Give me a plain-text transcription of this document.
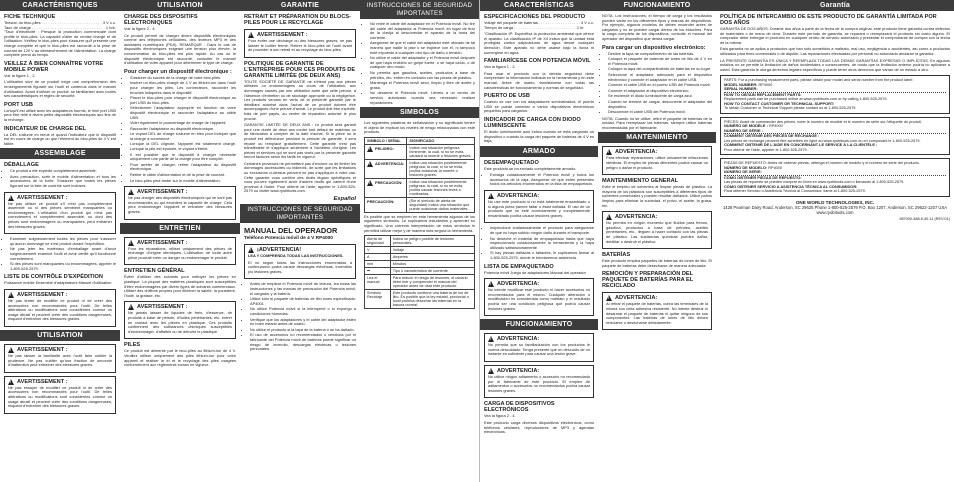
CARACTÉRISTIQUES
FICHE TECHNIQUE
Tension du bloc-piles . . . . . . . . . . . . . . . . . . . . . . . . . . . 3 V c.c. Taux de charge . . . . . . . . . . . . . . . . . . . . . . . . . . . . . . . . 1 hre. "Taux d'électricité : Presque la production commerciale dont profite le bloc-piles. La capacité d'aller de remise charge et de l'utilisation. Vérifiez le bloc-piles pour s'assurer qu'il présente une charge complète et que le bloc-piles est raccordé à la prise de courant de 120 V au débranchement de l'alimentation. La charge complète prend du temps.
VEILLEZ À BIEN CONNAÎTRE VOTRE MOBILE POWER
Voir la figure 1 - 2.
L'utilisation sûre de ce produit exige une compréhension des renseignements figurant sur l'outil et contenus dans le manuel d'utilisation. Avant d'utiliser ce produit, se familiariser avec toutes ses caractéristiques et règles de sécurité.
PORT USB
Lorsqu'il est utilisé avec les adaptateurs fournis, le mini port USB peut être relié à divers petits dispositifs électroniques aux fins de la recharge.
INDICATEUR DE CHARGE DEL
La DEL s'allume en bleue et quand l'indicateur que le dispositif est en cours de charge ou que l'élément du bloc-piles de 4 V est faible.
ASSEMBLAGE
DÉBALLAGE
• Ce produit a été expédié complètement assemblé.
• Avec précaution, sortir le mobile d'alimentation et tous les accessoires de la boîte. S'assurer que toutes les pièces figurant sur la liste de contrôle sont incluses.
!
AVERTISSEMENT :
Ne pas utiliser ce produit s'il n'est pas complètement assemblé ou si des pièces semblent manquantes ou endommagées. L'utilisation d'un produit qui n'est pas correctement et complètement assemblé, ou dont des pièces sont endommagées ou manquantes, peut entraîner des blessures graves.
• Examiner soigneusement toutes les pièces pour s'assurer qu'aucun dommage ne s'est produit durant l'expédition.
• Ne pas jeter les matériaux d'emballage avant d'avoir soigneusement examiné l'outil et avoir vérifié qu'il fonctionne correctement.
• Si des pièces sont manquantes ou endommagées, appeler le 1-800-525-2579.
LISTE DE CONTRÔLE D'EXPÉDITION
Puissance mobile Ensemble d'adaptateurs Manuel d'utilisation
!
AVERTISSEMENT :
Ne pas tenter de modifier ce produit ni de créer des accessoires non recommandés pour l'outil. De telles altérations ou modifications sont considérées comme un usage abusif et peuvent créer des conditions dangereuses, risquant d'entraîner des blessures graves.
UTILISATION
!
AVERTISSEMENT :
Ne pas laisser la familiarité avec l'outil faire oublier la prudence. Ne pas oublier qu'une fraction de seconde d'inattention peut entraîner des blessures graves.
!
AVERTISSEMENT :
Ne pas essayer de modifier ce produit ni de créer des accessoires non recommandés pour l'outil. De telles altérations ou modifications sont considérées comme un usage abusif et peuvent créer des conditions dangereuses, risquant d'entraîner des blessures graves.
UTILISATION
CHARGE DES DISPOSITIFS ÉLECTRONIQUES
Voir la figure 2 - 4.
Ce produit permet de charger divers dispositifs électroniques comme des téléphones cellulaires, des lecteurs MP3 et des assistants numériques (PDA). REMARQUE : Dans le cas de dispositifs électroniques exigeant une tension plus élevée, la consommation du bloc-piles est plus rapide. Au cas où le dispositif électronique est raccordé, consulter le manuel d'utilisation de votre appareil pour déterminer le type de charge.
Pour charger un dispositif électronique :
• S'assurer du succès de la charge de votre bloc-piles.
• Insérer un bloc-piles chargé de 4 V au lithium-ion dans l'outil pour charger les piles. Les connecteurs, raccorder les broches indiquées dans le dispositif.
• Placer le bloc-piles pour charger le dispositif électronique au port USB du bloc-piles.
• Sélectionner l'adaptateur approprié en fonction de votre dispositif électronique et raccorder l'adaptateur au câble USB.
• Vider également le pourcentage de charge de l'appareil.
• Raccorder l'adaptateur au dispositif électronique.
• Le voyant DEL de charge s'allume en bleu pour indiquer que la charge a commencé.
• Lorsque la DEL clignote, l'appareil est totalement chargé. Lorsque la pile est épuisée, le voyant s'éteint.
• Il est possible que le dispositif à charger nécessite uniquement une partie de la charge pour être complet.
• Pour arrêter de charger, retirer l'adaptateur du dispositif électronique.
• Retirer le câble d'alimentation et de la prise de courant.
• Le bloc-piles peut rester sur le mobile d'alimentation.
!
AVERTISSEMENT :
Ne pas charger des dispositifs électroniques qui ne sont pas recommandés ou qui excèdent la capacité de charge. Cela peut endommager l'appareil et entraîner des blessures graves.
ENTRETIEN
!
AVERTISSEMENT :
Pour les réparations, utiliser uniquement des pièces de rechange d'origine identiques. L'utilisation de toute autre pièce pourrait créer un danger ou endommager le produit.
ENTRETIEN GÉNÉRAL
Éviter d'utiliser des solvants pour nettoyer les pièces en plastique. La plupart des matières plastiques sont susceptibles d'être endommagées par divers types de solvants commerciaux. Utiliser des chiffons propres pour éliminer la saleté, la poussière, l'huile, la graisse, etc.
!
AVERTISSEMENT :
Ne jamais laisser de liquides de frein, d'essence, de produits à base de pétrole, d'huiles pénétrantes, etc. entrer en contact avec les pièces en plastique. Ces produits contiennent des substances chimiques susceptibles d'endommager, d'affaiblir ou de détruire le plastique.
PILES
Ce produit est alimenté par le bloc-piles au lithium-ion de 4 V. Veuillez utiliser uniquement des piles lithium-ion pour votre appareil et réaliser le tri et le recyclage des piles usagées conformément aux règlements locaux en vigueur.
GARANTIE
RETRAIT ET PRÉPARATION DU BLOCS-PILES POUR LE RECYCLAGE
!
AVERTISSEMENT :
Pour éviter une décharge ou des blessures graves, ne pas laisser le boîtier fermé. Retirer le bloc-piles de l'outil avant de procéder à son retrait et au recyclage du bloc-piles.
POLITIQUE DE GARANTIE DE L'ENTREPRISE POUR CES PRODUITS DE GARANTIE LIMITÉE (DE DEUX ANS)
TOUTE SOCIÉTÉ DE GARANTIE ne s'étend pas aux pièces utilisées ou endommagées au cours de l'utilisation, aux dommages causés par une utilisation autre que celle prévue, à l'absence d'entretien ou de stockage approprié ou la négligence. Les produits vendus en vertu de la présente garantie par le détaillant autorisé dans l'achat de ce produit doivent être accompagnés d'une preuve d'achat. Le produit doit être expédié, frais de port payés, au centre de réparation autorisé le plus proche.
GARANTIE LIMITÉE DE DEUX ANS : Le produit sera garanti pour une durée de deux ans contre tout défaut de matériau ou de fabrication à compter de la date d'achat. Si la pièce ou le produit est défectueux pendant la période de garantie, il sera réparé ou remplacé gratuitement. Cette garantie n'est pas transférable et s'applique seulement à l'acheteur d'origine. Les pièces et services qui ne sont pas visés par la présente garantie seront facturés selon les tarifs en vigueur.
Certaines provinces ne permettent pas d'exclure ou de limiter les dommages accessoires ou indirects, de sorte que les limitations ou exclusions ci-dessus peuvent ne pas s'appliquer à votre cas. Cette garantie vous confère des droits légaux spécifiques et vous pouvez également avoir d'autres droits qui varient d'une province à l'autre. Pour obtenir de l'aide, appeler le 1-800-525-2579 ou visiter www.ryobitools.com.
Español
INSTRUCCIONES DE SEGURIDAD IMPORTANTES
MANUAL DEL OPERADOR
Teléfono Potencia móvil de 4 V RP4000
!
¡ADVERTENCIA!
LEA Y COMPRENDA TODAS LAS INSTRUCCIONES.
El no seguir todas las instrucciones enumeradas a continuación podrá causar descargas eléctricas, incendios y/o lesiones graves.
• Antes de emplear el Potencia móvil de lectura, lea todas las instrucciones y las marcas de precaución del Potencia móvil, el cargador y la batería.
• Utilice sólo el paquete de baterías de litio iones especificado: AP4001
• No utilice Potencia móvil si la intemperie o lo expongo a condiciones húmedas.
• Verifique que los adaptadores y el cable del adaptador estén en buen estado antes de usarlo.
• No utilice el producto si la tapa de la batería o se ha dañado.
• El uso de accesorios no recomendados o vendidos por el fabricante del Potencia móvil de baterías puede significar un riesgo de incendio, descargas eléctricas o lesiones personales.
INSTRUCCIONES DE SEGURIDAD IMPORTANTES
• No retire el cable del adaptador en el Potencia móvil. No tire del cable del adaptador al Potencia móvil; en lugar de tirar de la clavija al desconectar el aparato de la toma del corriente.
• Asegúrese de que el cable del adaptador esté ubicado de tal manera que nadie lo pise o se tropiece con él, ni tampoco esté expuesto a cualquier otro tipo de daño o tensión.
• No utilice el cable del adaptador y el Potencia móvil después de que haya recibido un golpe fuerte, o se haya caído, o de cualquier otro modo.
• No permita que gasolina, aceites, productos a base de petróleo, etc. entren en contacto con las piezas de plástico.
• Mantenga el Potencia móvil seco, limpio y libre de aceite y grasa.
• No desarme el Potencia móvil. Llévelo a un centro de servicio autorizado cuando sea necesario realizar reparaciones.
SIMBOLOS
Los siguientes palabras de señalización y su significado tienen el objeto de explicar los niveles de riesgo relacionados con este producto.
SIMBOLO / SEÑAL	SIGNIFICADO

!
PELIGRO:	Indica una situación peligrosa inminente, la cual, si no se evita, causará la muerte o lesiones graves.

!
ADVERTENCIA:	Indica una situación posiblemente peligrosa, la cual, si no se evita, podría ocasionar la muerte o lesiones graves.

!
PRECAUCIÓN:	Indica una situación posiblemente peligrosa, la cual, si no se evita, podría causar lesiones leves o moderadas.

PRECAUCIÓN:	(Sin el símbolo de alerta de seguridad) Indica una situación que puede ocasionar daños materiales.
Es posible que se empleen en este herramienta algunos de los siguientes símbolos. Le suplicamos estudiarlos y aprender su significado. Una correcta interpretación de estos símbolos le permitirá utilizar mejor y de manera más segura la herramienta.
Alerta de seguridad	Indica un peligro posible de lesiones personales.
V	Voltaje
A	Amperes
min	Minutos
⎓	Tipo o característica de corriente
Lea el manual	Para reducir el riesgo de lesiones, el usuario debe leer y comprender el manual del operador antes de usar este producto.
Símbolo Reciclaje	Este producto contiene una batería de ion de litio. Es posible que la ley estatal, provincial o local prohíba desechar las baterías en la basura normal.
CARACTERÍSTICAS
ESPECIFICACIONES DEL PRODUCTO
Voltaje del paquete de baterías . . . . . . . . . . . . . . . . . . . 4 V c.c. Tiempo de carga . . . . . . . . . . . . . . . . . . . . . . . . . . . . . 1 hr.
"Clasificación IP: Especifica la protección ambiental que ofrece el aparato. La clasificación IP de X4 indica que la unidad está protegida contra salpicaduras de agua desde cualquier dirección. Este aparato no debe usarse bajo la lluvia ni sumergirse en agua.
FAMILIARÍCESE CON POTENCIA MÓVIL
Vea la figura 1 - 2.
Para usar el producto con la debida seguridad debe comprender la información indicada en la herramienta y en este manual. Antes de usarlo, familiarícese con todas las características de funcionamiento y normas de seguridad.
PUERTO DE USB
Cuando se use con los adaptadores suministrados, el puerto USB se puede conectar a varios dispositivos electrónicos pequeños para cargarlos.
INDICADOR DE CARGA CON DIODO LUMINISCENTE
El diodo luminiscente azul indica cuando se está cargando un dispositivo o cuando la carga del paquete de baterías de 4 V es baja.
ARMADO
DESEMPAQUETADO
Este producto se ha enviado completamente armado.
• Extraiga cuidadosamente el Potencia móvil y todos los accesorios de la caja. Asegúrese de que estén presentes todos los artículos enumerados en la lista de empaquetado.
!
ADVERTENCIA:
No use este producto si no está totalmente ensamblado o si alguna pieza parece faltar o estar dañada. El uso de un producto que no esté correctamente y completamente ensamblado podría causar lesiones graves.
• Inspeccione cuidadosamente el producto para asegurarse de que no haya sufrido ningún daño durante el transporte.
• No deseche el material de empaquetado hasta que haya inspeccionado cuidadosamente la herramienta y la haya utilizado satisfactoriamente.
• Si hay piezas dañadas o faltantes, le suplicamos llamar al 1-800-525-2579, donde le brindaremos asistencia.
LISTA DE EMPAQUETADO
Potencia móvil Juego de adaptadores Manual del operador
!
ADVERTENCIA:
No intente modificar este producto ni hacer accesorios no recomendados para el mismo. Cualquier alteración o modificación es considerada como maltrato y el resultado podría ser una condición peligrosa que podría causar lesiones graves.
FUNCIONAMIENTO
!
ADVERTENCIA:
No permita que su familiarización con los productos le vuelva descuidado. Tenga presente que un descuido de un instante es suficiente para causar una lesión grave.
!
ADVERTENCIA:
No utilice ningún aditamento o accesorio no recomendado por el fabricante de este producto. El empleo de aditamentos o accesorios no recomendados podría causar lesiones graves.
CARGA DE DISPOSITIVOS ELECTRÓNICOS
Vea la figura 2 - 4.
Este producto carga diversos dispositivos electrónicos, como teléfonos celulares, reproductores de MP3 y agendas electrónicas.
FUNCIONAMIENTO
NOTA: Los instrucciones, el tiempo de carga y los resultados pueden variar en los diferentes tipos y marcas de dispositivos. Por ejemplo, algunos modelos de deben encender antes de cargarlos y no se pueden cargar dentro de los estuches. Para la carga completa de los dispositivos, consulte el manual del operador del dispositivo que desea cargar.
Para cargar un dispositivo electrónico:
• Deslice la tapa de compartimiento de las baterías.
• Coloque el paquete de baterías de iones de litio de 4 V en el Potencia móvil.
• Coloque la tapa del compartimiento de baterías en su lugar.
• Seleccione el adaptador adecuado para el dispositivo electrónico y conecte el adaptador en el cable USB.
• Conecte el cable USB en el puerto USB del Potencia móvil.
• Conecte el adaptador al dispositivo electrónico.
• Se enciende el diodo luminiscente de carga azul.
• Cuando se termine de cargar, desconecte el adaptador del dispositivo.
• Desconecte el cable USB del Potencia móvil.
NOTA: Cuando no se utilice, retire el paquete de baterías de la unidad. Para reemplazar las baterías, siempre utilice baterías recomendadas por el fabricante.
MANTENIMIENTO
!
ADVERTENCIA:
Para efectuar reparaciones, utilice únicamente refacciones idénticas. El empleo de piezas diferentes podría causar un peligro o dañar el producto.
MANTENIMIENTO GENERAL
Evite el empleo de solventes al limpiar piezas de plástico. La mayoría de los plásticos son susceptibles a diferentes tipos de solventes comerciales y pueden resultar dañados. Utilice paños limpios para eliminar la suciedad, el polvo, el aceite, la grasa, etc.
!
ADVERTENCIA:
No permita en ningún momento que fluidos para frenos, gasolina, productos a base de petróleo, aceites penetrantes, etc., lleguen a hacer contacto con las piezas de plástico. Las sustancias químicas pueden dañar, debilitar o destruir el plástico.
BATERÍAS
Este producto emplea paquetes de baterías de iones de litio. El paquete de baterías debe desecharse de manera adecuada.
REMOCIÓN Y PREPARACIÓN DEL PAQUETE DE BATERÍAS PARA EL RECICLADO
!
ADVERTENCIA:
Al retirar el paquete de baterías, cubra las terminales de la misma con cinta adhesiva resistente. No intente destruir ni desarmar el paquete de baterías ni quitar ninguno de sus componentes. Las baterías de iones de litio deben reciclarse o desecharse debidamente.
Garantía
POLÍTICA DE INTERCAMBIO DE ESTE PRODUCTO DE GARANTÍA LIMITADA POR DOS AÑOS
GARANTÍA DE DOS AÑOS: Durante dos años a partir de la fecha de la compra original, este producto tiene garantía contra defectos de materiales o de mano de obra. Durante este período de garantía, se reparará o reemplazará el producto sin costo alguno. El comprador debe entregar el producto en cualquier centro de servicio autorizado y presentar el comprobante de compra con la fecha de la misma.
Esta garantía no se aplica a productos que han sido sometidos a maltrato, mal uso, negligencia o accidentes, así como a productos utilizados para fines comerciales o de alquiler. Las reparaciones efectuadas por personal no autorizado anularán la garantía.
LA PRESENTE GARANTÍA ES ÚNICA Y REEMPLAZA TODAS LAS DEMÁS GARANTÍAS EXPRESAS O IMPLÍCITAS. En algunos estados no se permite la limitación de daños incidentales o consecuentes, de modo que la limitación anterior podría no aplicarse a usted. Esta garantía le otorga derechos legales específicos y puede tener otros derechos que varían de un estado a otro.
PARTS: For a purchasing replacement parts, please obtain your model and serial number from the product label:
MODEL NUMBER: RP4000
SERIAL NUMBER:
HOW TO OBTAIN REPLACEMENT PARTS:
Replacement parts can be purchased online at www.ryobitools.com or by calling 1-800-525-2579.
HOW TO CONTACT CUSTOMER OR TECHNICAL SUPPORT:
To obtain Customer or Technical Support please contact us at 1-800-525-2579.
PIÈCES: Avant de commander des pièces, noter le numéro de modèle et le numéro de série sur l'étiquette du produit.
NUMÉRO DE MODÈLE : RP4000
NUMÉRO DE SÉRIE :
COMMENT OBTENIR DES PIÈCES DE RECHANGE :
Les pièces de rechange peuvent être achetées en ligne au www.ryobitools.com ou en composant le 1-800-525-2579.
COMMENT OBTENIR DE L'AIDE EN CONCERNANT LE SERVICE À LA CLIENTÈLE :
Pour obtenir de l'aide, appeler le 1-800-525-2579.
PIEZAS DE REPUESTO: Antes de ordenar piezas, obtenga el número de modelo y el número de serie del producto.
NÚMERO DE MODELO: RP4000
NÚMERO DE SERIE:
CÓMO OBTENER PIEZAS DE REPUESTO:
Las piezas de repuesto se pueden comprar en línea en www.ryobitools.com o llamando al 1-800-525-2579.
CÓMO OBTENER SERVICIO A ASISTENCIA TÉCNICA AL CONSUMIDOR:
Para obtener Servicio o Asistencia Técnica al Consumidor, llame al 1-800-525-2579.
ONE WORLD TECHNOLOGIES, INC.
1428 Pearman Dairy Road, Anderson, SC 29625 Phone 1-800-525-2579 P.O. Box 1207, Anderson, SC 29622-1207 USA
www.ryobitools.com
987000-488 8-30-11 (REV:01)
